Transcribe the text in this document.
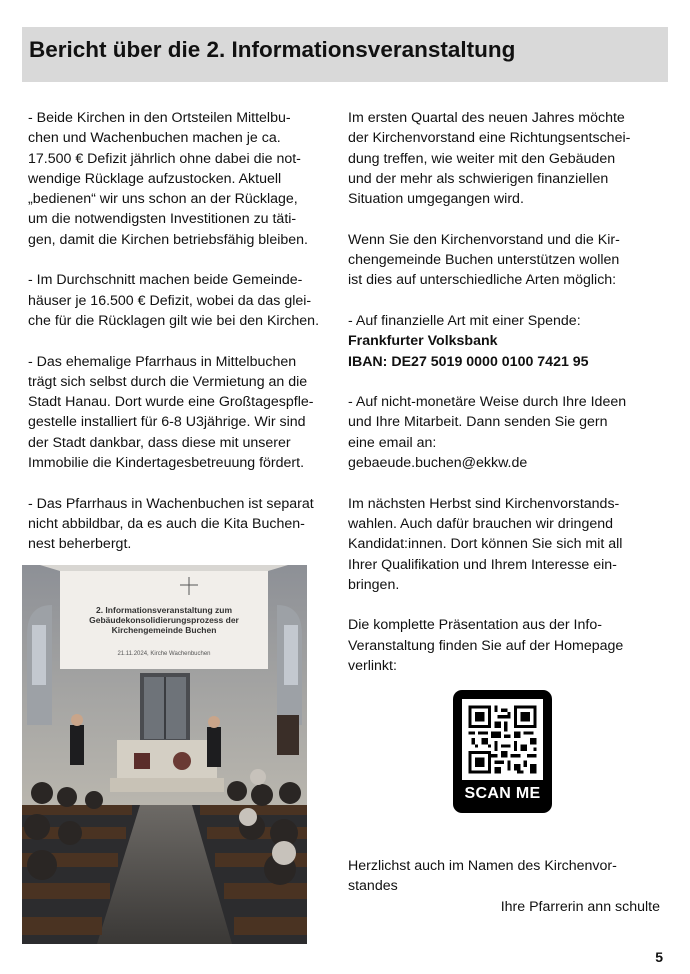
Bericht über die 2. Informationsveranstaltung

- Beide Kirchen in den Ortsteilen Mittelbu-

chen und Wachenbuchen machen je ca.

17.500 € Defizit jährlich ohne dabei die not-

wendige Rücklage aufzustocken. Aktuell

„bedienen“ wir uns schon an der Rücklage,

um die notwendigsten Investitionen zu täti-

gen, damit die Kirchen betriebsfähig bleiben.

- Im Durchschnitt machen beide Gemeinde-

häuser je 16.500 € Defizit, wobei da das glei-

che für die Rücklagen gilt wie bei den Kirchen.

- Das ehemalige Pfarrhaus in Mittelbuchen

trägt sich selbst durch die Vermietung an die

Stadt Hanau. Dort wurde eine Großtagespfle-

gestelle installiert für 6-8 U3jährige. Wir sind

der Stadt dankbar, dass diese mit unserer

Immobilie die Kindertagesbetreuung fördert.

- Das Pfarrhaus in Wachenbuchen ist separat

nicht abbildbar, da es auch die Kita Buchen-

nest beherbergt.

2. Informationsveranstaltung zum
Gebäudekonsolidierungsprozess der
Kirchengemeinde Buchen
21.11.2024, Kirche Wachenbuchen

Im ersten Quartal des neuen Jahres möchte

der Kirchenvorstand eine Richtungsentschei-

dung treffen, wie weiter mit den Gebäuden

und der mehr als schwierigen finanziellen

Situation umgegangen wird.

Wenn Sie den Kirchenvorstand und die Kir-

chengemeinde Buchen unterstützen wollen

ist dies auf unterschiedliche Arten möglich:

- Auf finanzielle Art mit einer Spende:

Frankfurter Volksbank

IBAN: DE27 5019 0000 0100 7421 95

- Auf nicht-monetäre Weise durch Ihre Ideen

und Ihre Mitarbeit. Dann senden Sie gern

eine email an:

gebaeude.buchen@ekkw.de

Im nächsten Herbst sind Kirchenvorstands-

wahlen. Auch dafür brauchen wir dringend

Kandidat:innen. Dort können Sie sich mit all

Ihrer Qualifikation und Ihrem Interesse ein-

bringen.

Die komplette Präsentation aus der Info-

Veranstaltung finden Sie auf der Homepage

verlinkt:

SCAN ME

Herzlichst auch im Namen des Kirchenvor-

standes

Ihre Pfarrerin ann schulte

5
